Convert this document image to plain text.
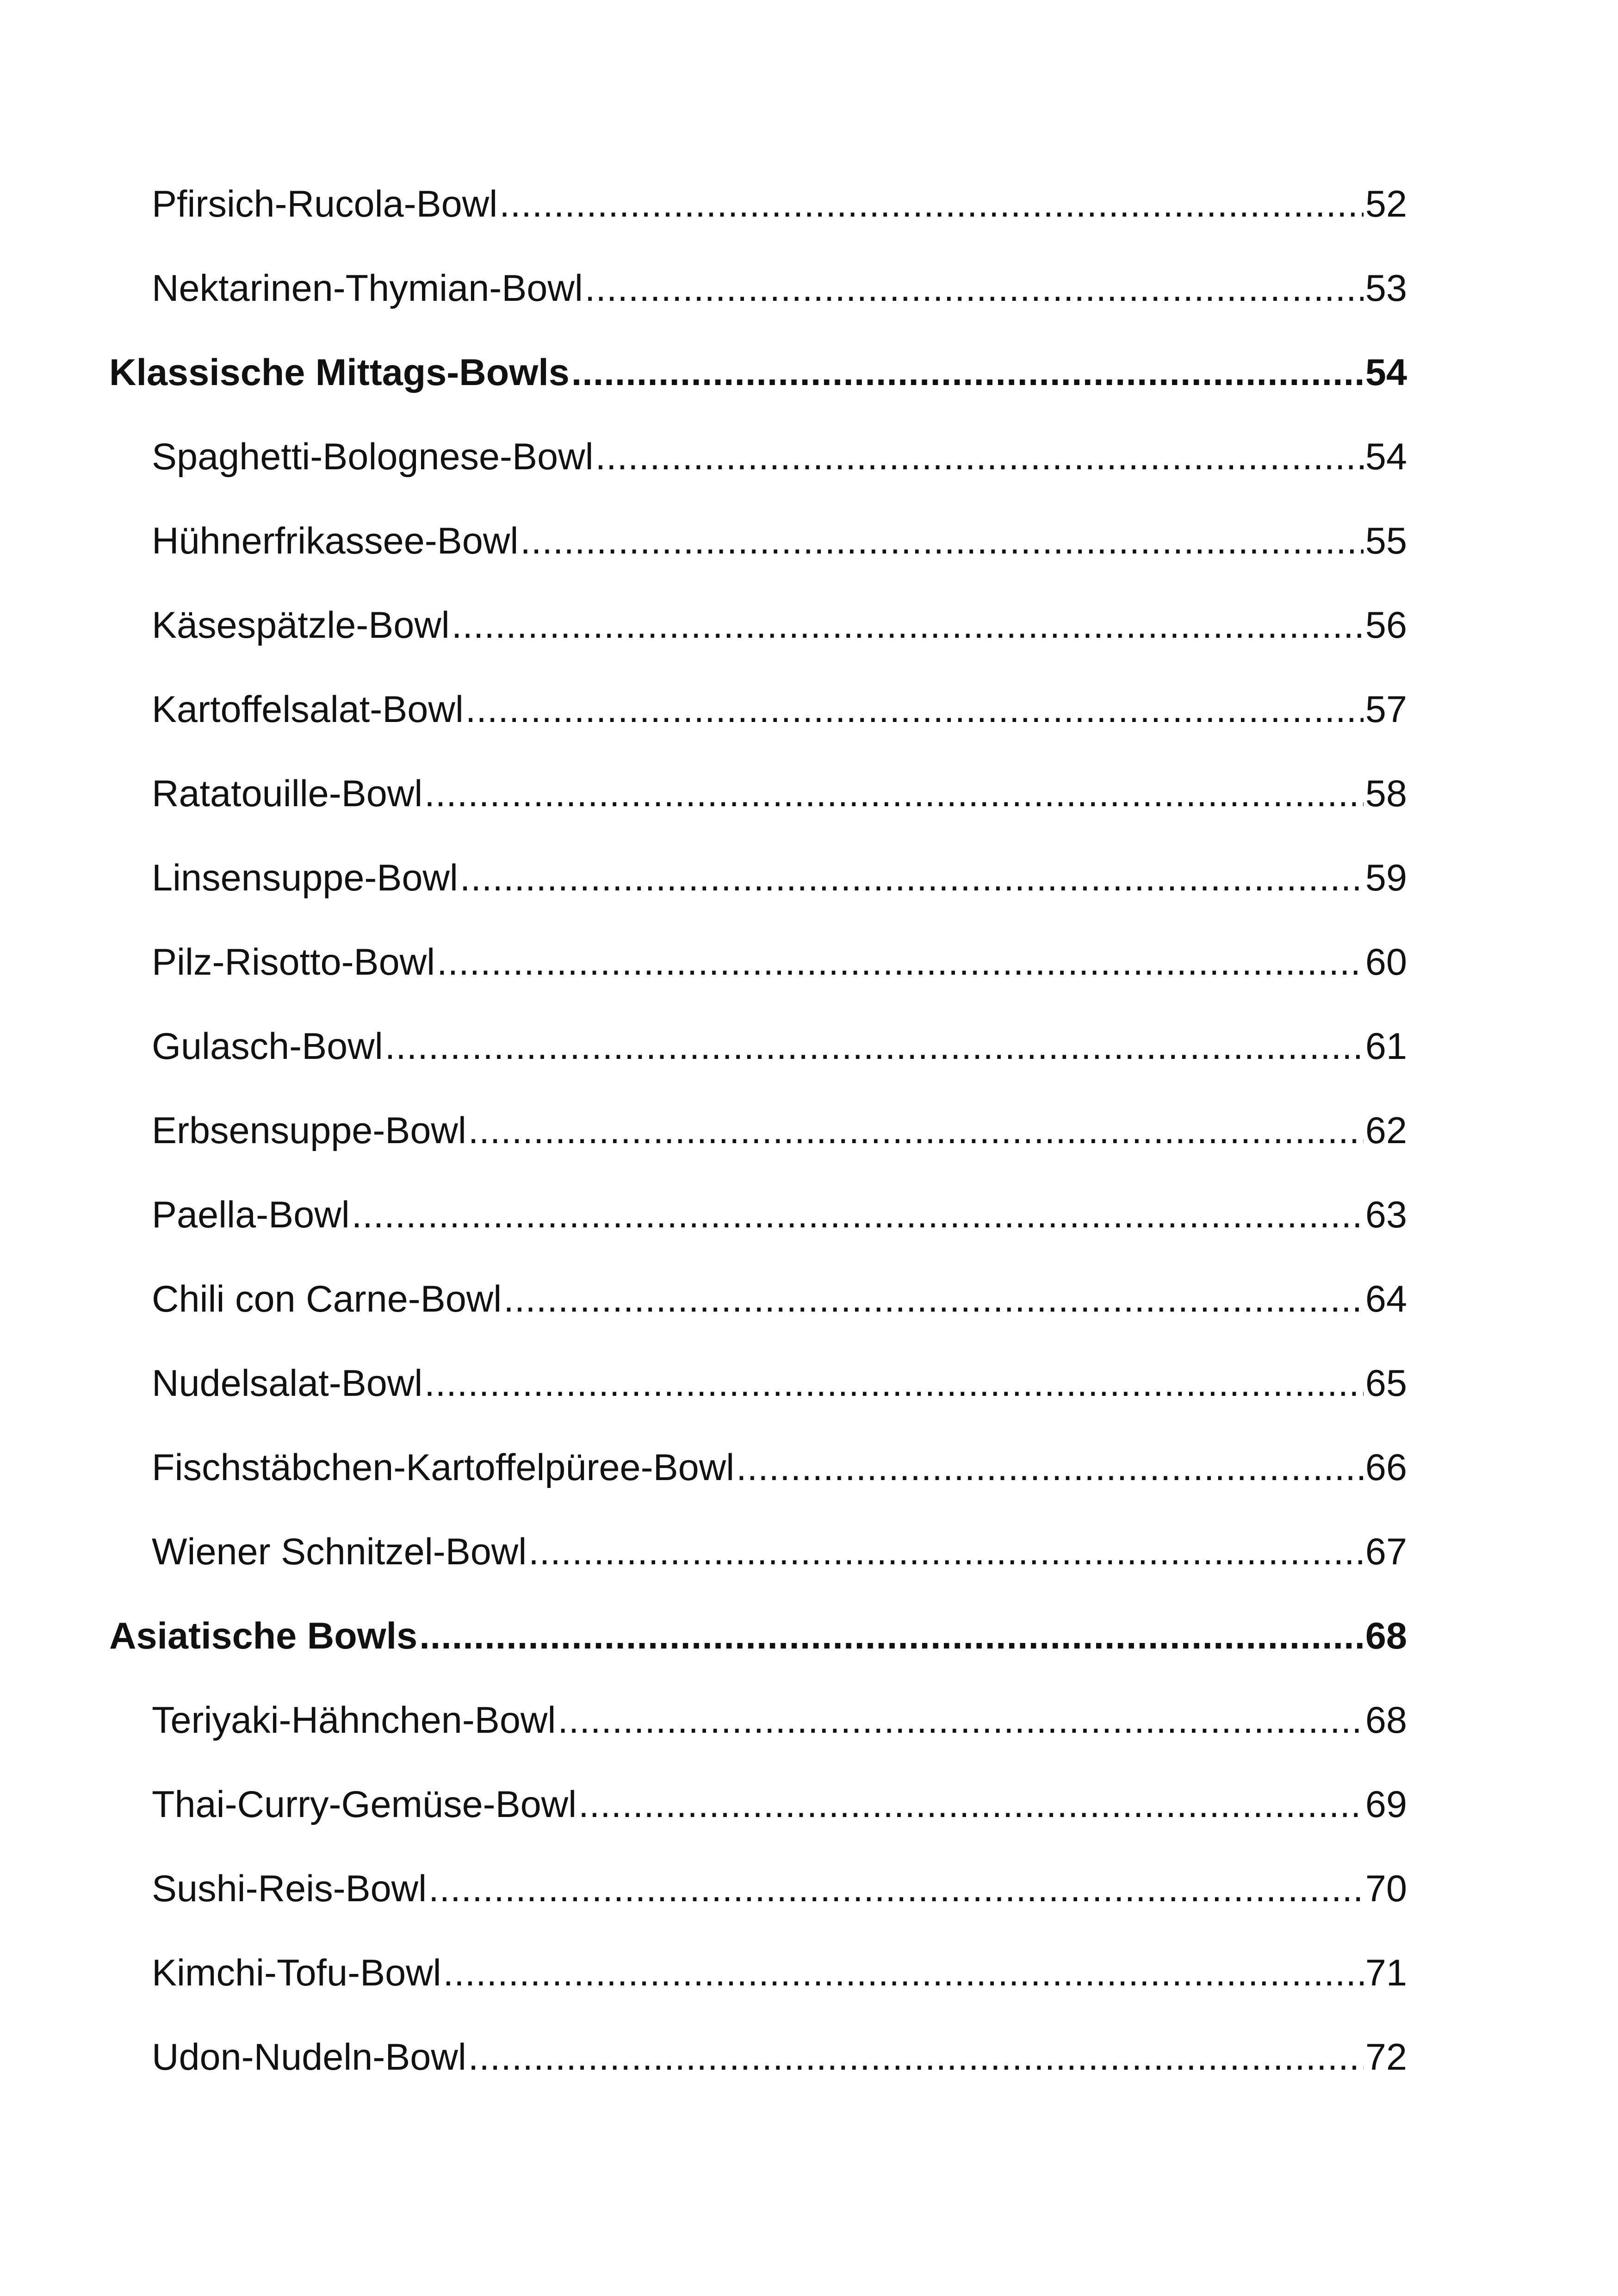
Pfirsich-Rucola-Bowl .....	52
Nektarinen-Thymian-Bowl .....	53
Klassische Mittags-Bowls .....	54
Spaghetti-Bolognese-Bowl .....	54
Hühnerfrikassee-Bowl .....	55
Käsespätzle-Bowl .....	56
Kartoffelsalat-Bowl .....	57
Ratatouille-Bowl .....	58
Linsensuppe-Bowl .....	59
Pilz-Risotto-Bowl .....	60
Gulasch-Bowl .....	61
Erbsensuppe-Bowl .....	62
Paella-Bowl .....	63
Chili con Carne-Bowl .....	64
Nudelsalat-Bowl .....	65
Fischstäbchen-Kartoffelpüree-Bowl .....	66
Wiener Schnitzel-Bowl .....	67
Asiatische Bowls .....	68
Teriyaki-Hähnchen-Bowl .....	68
Thai-Curry-Gemüse-Bowl .....	69
Sushi-Reis-Bowl .....	70
Kimchi-Tofu-Bowl .....	71
Udon-Nudeln-Bowl .....	72
